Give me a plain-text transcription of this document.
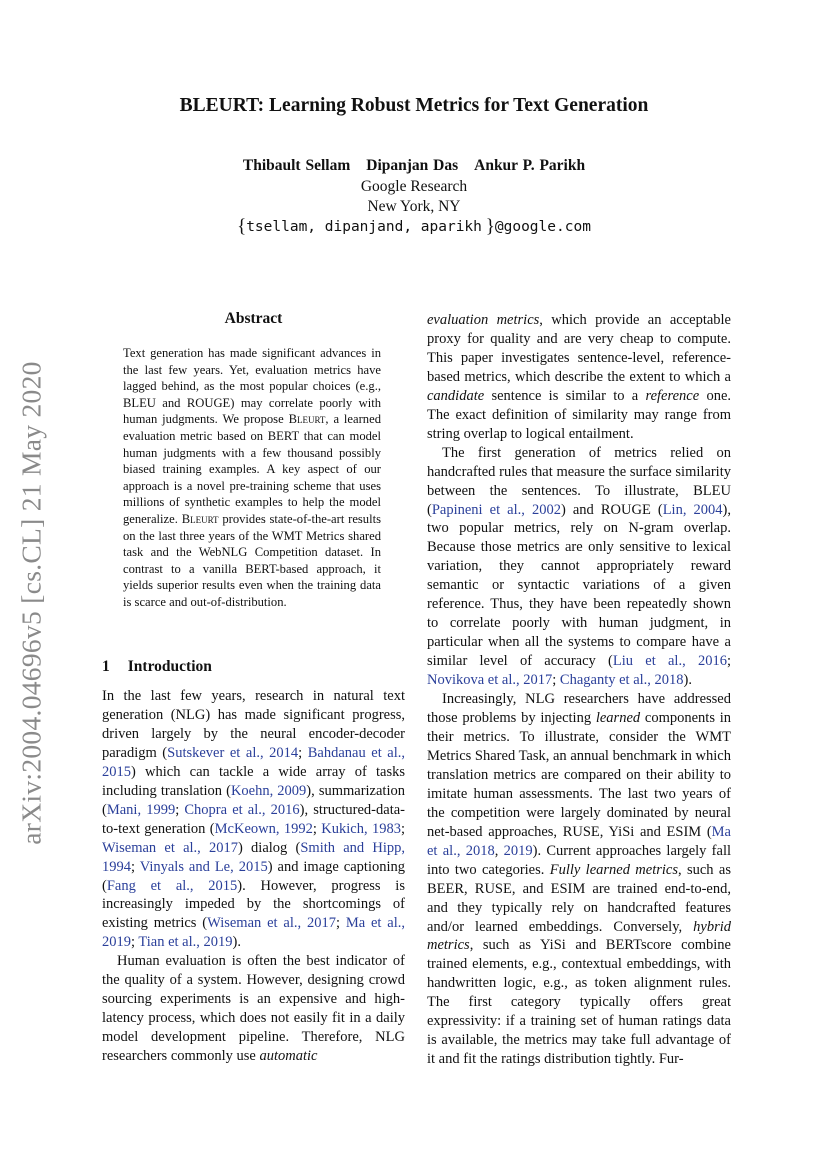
arXiv:2004.04696v5 [cs.CL] 21 May 2020
BLEURT: Learning Robust Metrics for Text Generation
Thibault Sellam Dipanjan Das Ankur P. Parikh
Google Research
New York, NY
{tsellam, dipanjand, aparikh }@google.com
Abstract
Text generation has made significant advances in the last few years. Yet, evaluation metrics have lagged behind, as the most popular choices (e.g., BLEU and ROUGE) may correlate poorly with human judgments. We propose Bleurt, a learned evaluation metric based on BERT that can model human judgments with a few thousand possibly biased training examples. A key aspect of our approach is a novel pre-training scheme that uses millions of synthetic examples to help the model generalize. Bleurt provides state-of-the-art results on the last three years of the WMT Metrics shared task and the WebNLG Competition dataset. In contrast to a vanilla BERT-based approach, it yields superior results even when the training data is scarce and out-of-distribution.
1 Introduction

In the last few years, research in natural text generation (NLG) has made significant progress, driven largely by the neural encoder-decoder paradigm (Sutskever et al., 2014; Bahdanau et al., 2015) which can tackle a wide array of tasks including translation (Koehn, 2009), summarization (Mani, 1999; Chopra et al., 2016), structured-data-to-text generation (McKeown, 1992; Kukich, 1983; Wiseman et al., 2017) dialog (Smith and Hipp, 1994; Vinyals and Le, 2015) and image captioning (Fang et al., 2015). However, progress is increasingly impeded by the shortcomings of existing metrics (Wiseman et al., 2017; Ma et al., 2019; Tian et al., 2019).

Human evaluation is often the best indicator of the quality of a system. However, designing crowd sourcing experiments is an expensive and high-latency process, which does not easily fit in a daily model development pipeline. Therefore, NLG researchers commonly use automatic

evaluation metrics, which provide an acceptable proxy for quality and are very cheap to compute. This paper investigates sentence-level, reference-based metrics, which describe the extent to which a candidate sentence is similar to a reference one. The exact definition of similarity may range from string overlap to logical entailment.

The first generation of metrics relied on handcrafted rules that measure the surface similarity between the sentences. To illustrate, BLEU (Papineni et al., 2002) and ROUGE (Lin, 2004), two popular metrics, rely on N-gram overlap. Because those metrics are only sensitive to lexical variation, they cannot appropriately reward semantic or syntactic variations of a given reference. Thus, they have been repeatedly shown to correlate poorly with human judgment, in particular when all the systems to compare have a similar level of accuracy (Liu et al., 2016; Novikova et al., 2017; Chaganty et al., 2018).

Increasingly, NLG researchers have addressed those problems by injecting learned components in their metrics. To illustrate, consider the WMT Metrics Shared Task, an annual benchmark in which translation metrics are compared on their ability to imitate human assessments. The last two years of the competition were largely dominated by neural net-based approaches, RUSE, YiSi and ESIM (Ma et al., 2018, 2019). Current approaches largely fall into two categories. Fully learned metrics, such as BEER, RUSE, and ESIM are trained end-to-end, and they typically rely on handcrafted features and/or learned embeddings. Conversely, hybrid metrics, such as YiSi and BERTscore combine trained elements, e.g., contextual embeddings, with handwritten logic, e.g., as token alignment rules. The first category typically offers great expressivity: if a training set of human ratings data is available, the metrics may take full advantage of it and fit the ratings distribution tightly. Fur-
